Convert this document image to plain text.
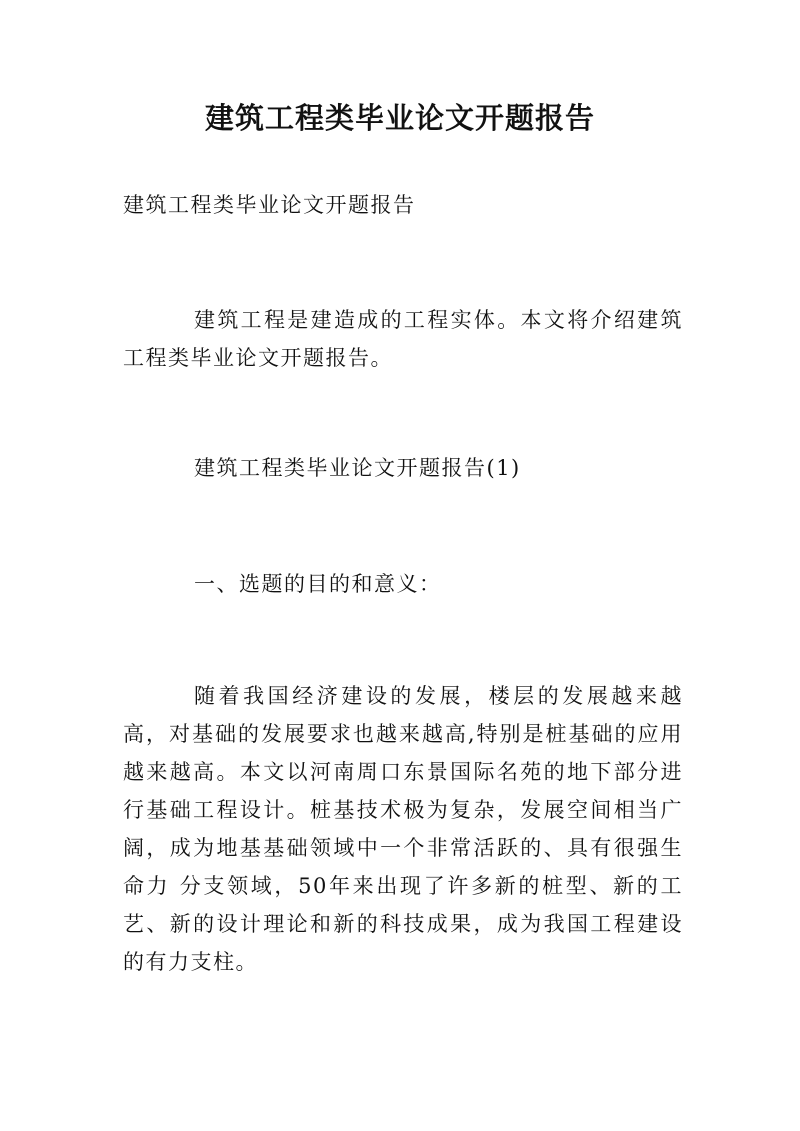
建筑工程类毕业论文开题报告
建筑工程类毕业论文开题报告
建筑工程是建造成的工程实体。本文将介绍建筑工程类毕业论文开题报告。
建筑工程类毕业论文开题报告(1)
一、选题的目的和意义：
随着我国经济建设的发展，楼层的发展越来越高，对基础的发展要求也越来越高,特别是桩基础的应用越来越高。本文以河南周口东景国际名苑的地下部分进行基础工程设计。桩基技术极为复杂，发展空间相当广阔，成为地基基础领域中一个非常活跃的、具有很强生命力 分支领域，50年来出现了许多新的桩型、新的工艺、新的设计理论和新的科技成果，成为我国工程建设的有力支柱。
